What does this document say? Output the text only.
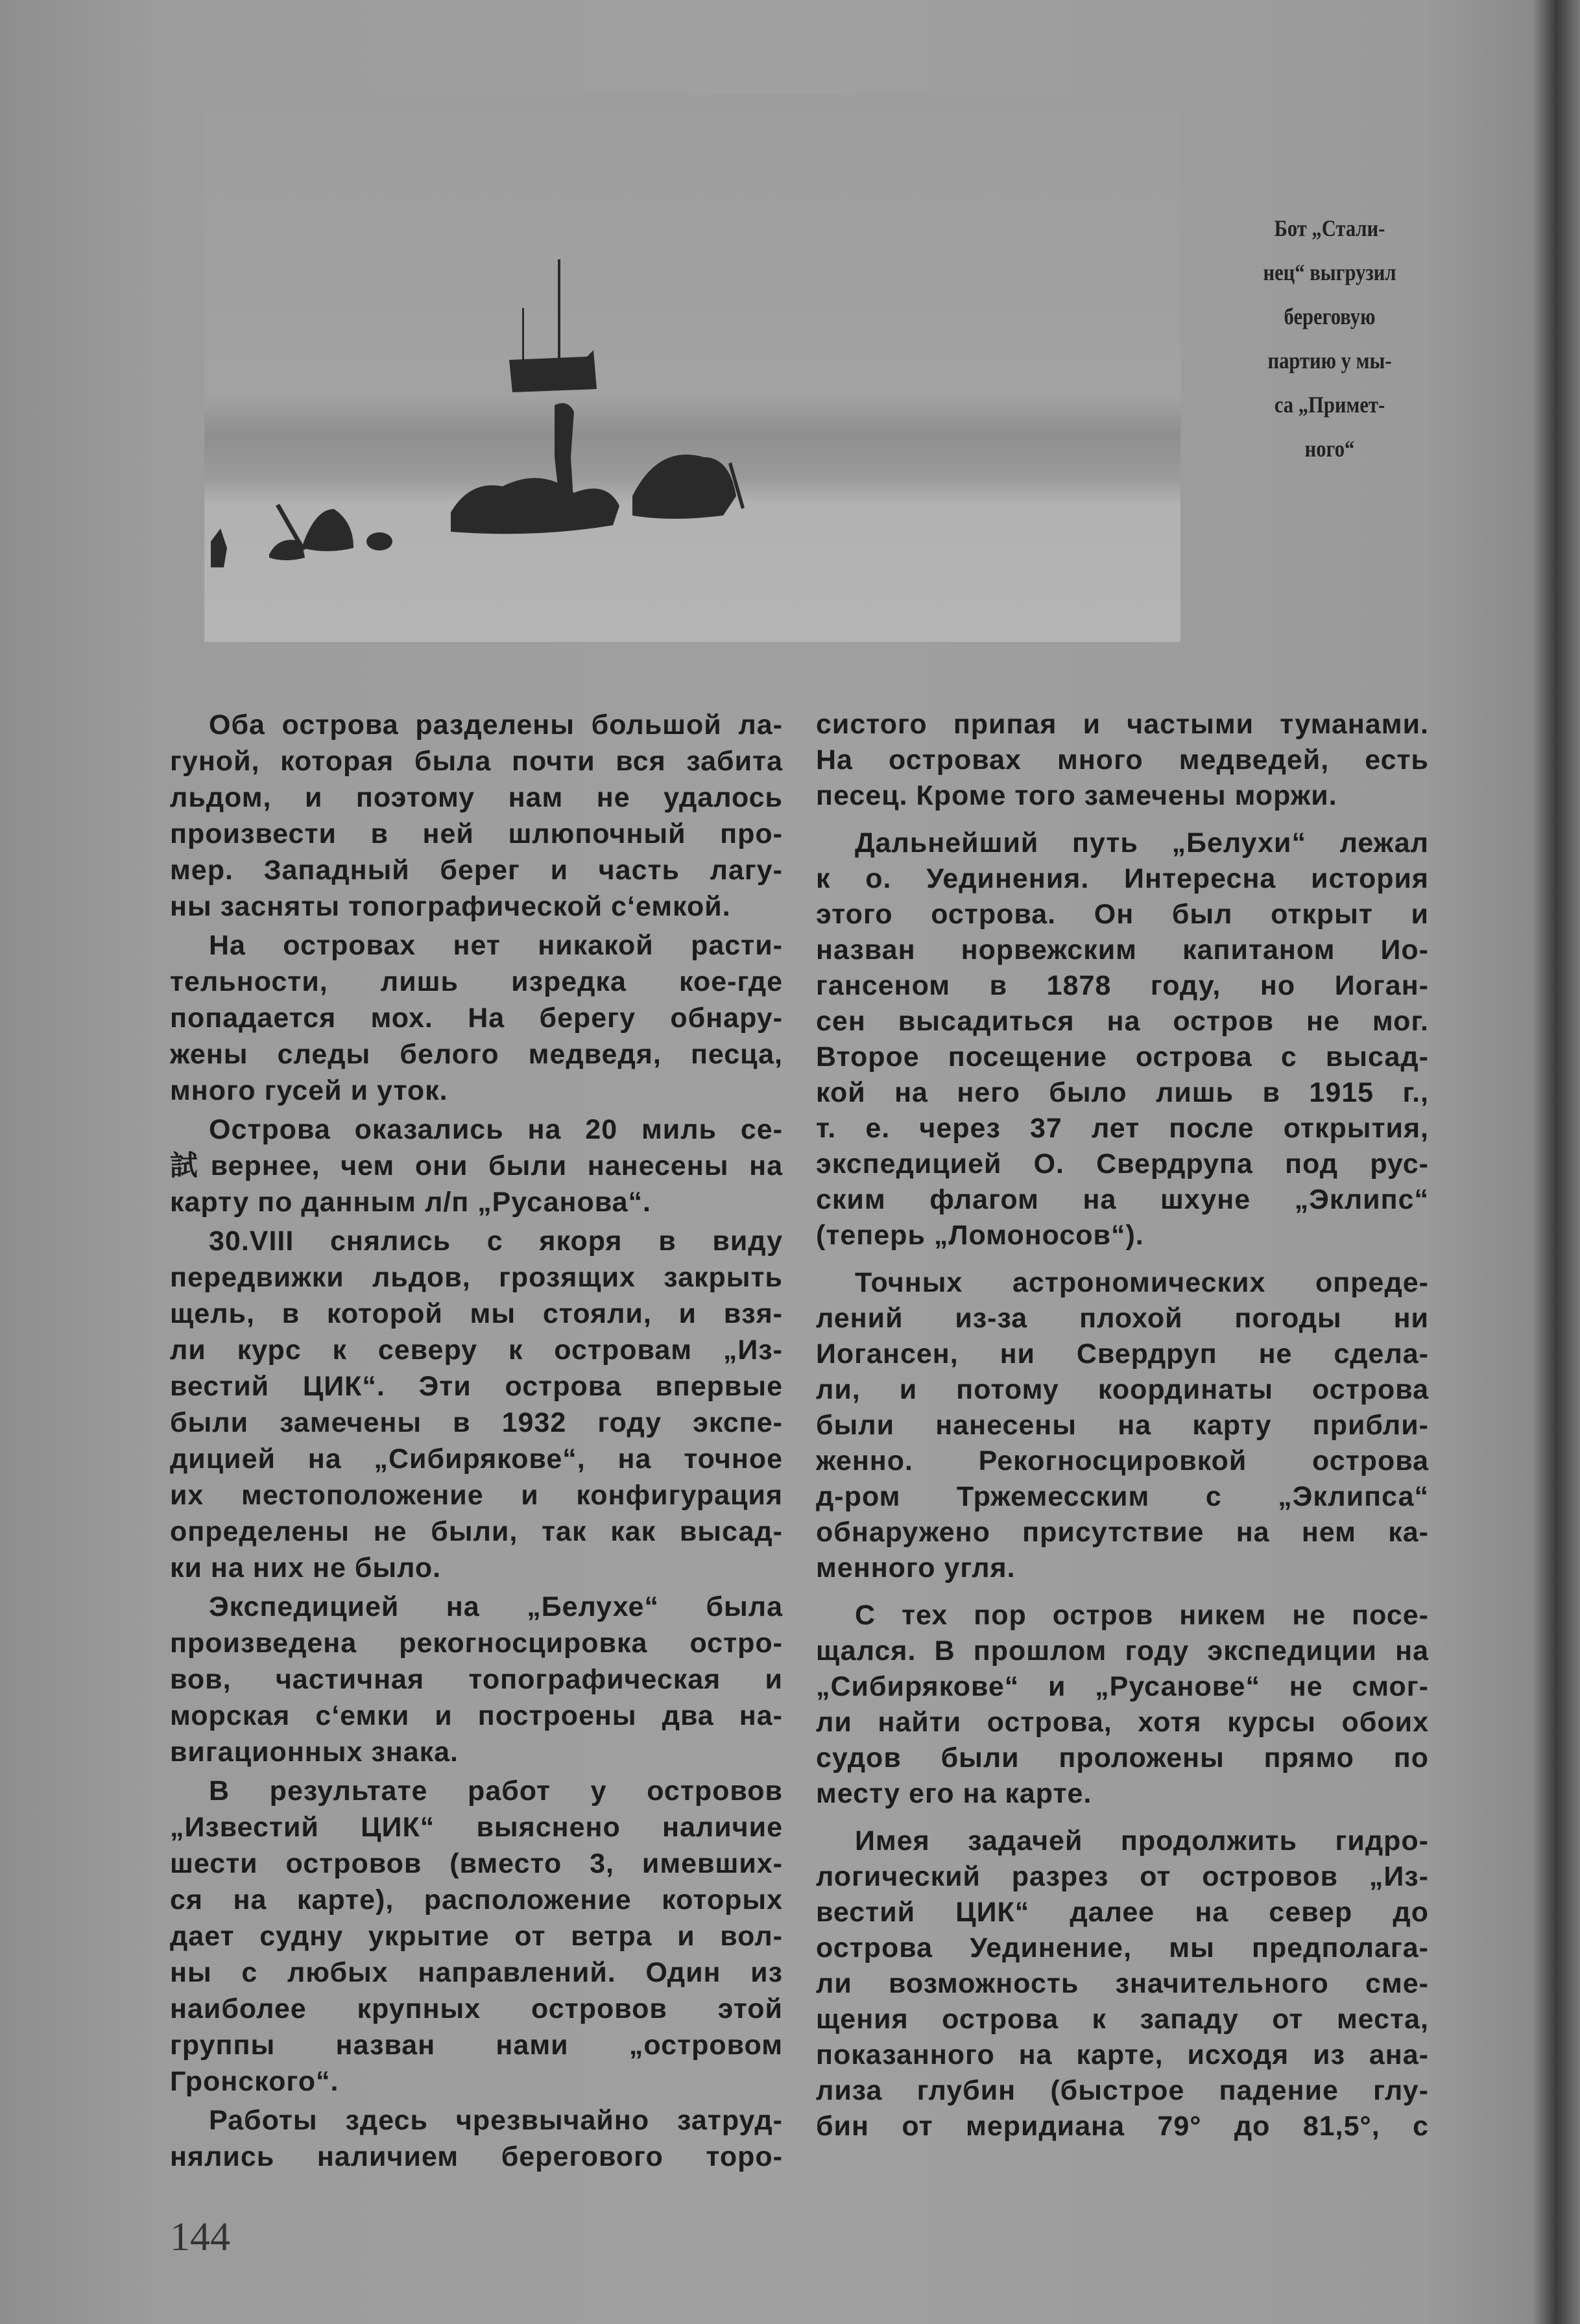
Бот „Стали-
нец“ выгрузил
береговую
партию у мы-
са „Примет-
ного“
Оба острова разделены большой ла-
гуной, которая была почти вся забита
льдом, и поэтому нам не удалось
произвести в ней шлюпочный про-
мер. Западный берег и часть лагу-
ны засняты топографической с‘емкой.
На островах нет никакой расти-
тельности, лишь изредка кое-где
попадается мох. На берегу обнару-
жены следы белого медведя, песца,
много гусей и уток.
Острова оказались на 20 миль се-
試вернее, чем они были нанесены на
карту по данным л/п „Русанова“.
30.VIII снялись с якоря в виду
передвижки льдов, грозящих закрыть
щель, в которой мы стояли, и взя-
ли курс к северу к островам „Из-
вестий ЦИК“. Эти острова впервые
были замечены в 1932 году экспе-
дицией на „Сибирякове“, на точное
их местоположение и конфигурация
определены не были, так как высад-
ки на них не было.
Экспедицией на „Белухе“ была
произведена рекогносцировка остро-
вов, частичная топографическая и
морская с‘емки и построены два на-
вигационных знака.
В результате работ у островов
„Известий ЦИК“ выяснено наличие
шести островов (вместо 3, имевших-
ся на карте), расположение которых
дает судну укрытие от ветра и вол-
ны с любых направлений. Один из
наиболее крупных островов этой
группы назван нами „островом
Гронского“.
Работы здесь чрезвычайно затруд-
нялись наличием берегового торо-
систого припая и частыми туманами.
На островах много медведей, есть
песец. Кроме того замечены моржи.
Дальнейший путь „Белухи“ лежал
к о. Уединения. Интересна история
этого острова. Он был открыт и
назван норвежским капитаном Ио-
гансеном в 1878 году, но Иоган-
сен высадиться на остров не мог.
Второе посещение острова с высад-
кой на него было лишь в 1915 г.,
т. е. через 37 лет после открытия,
экспедицией О. Свердрупа под рус-
ским флагом на шхуне „Эклипс“
(теперь „Ломоносов“).
Точных астрономических опреде-
лений из-за плохой погоды ни
Иогансен, ни Свердруп не сдела-
ли, и потому координаты острова
были нанесены на карту прибли-
женно. Рекогносцировкой острова
д-ром Тржемесским с „Эклипса“
обнаружено присутствие на нем ка-
менного угля.
С тех пор остров никем не посе-
щался. В прошлом году экспедиции на
„Сибирякове“ и „Русанове“ не смог-
ли найти острова, хотя курсы обоих
судов были проложены прямо по
месту его на карте.
Имея задачей продолжить гидро-
логический разрез от островов „Из-
вестий ЦИК“ далее на север до
острова Уединение, мы предполага-
ли возможность значительного сме-
щения острова к западу от места,
показанного на карте, исходя из ана-
лиза глубин (быстрое падение глу-
бин от меридиана 79° до 81,5°, с
144
